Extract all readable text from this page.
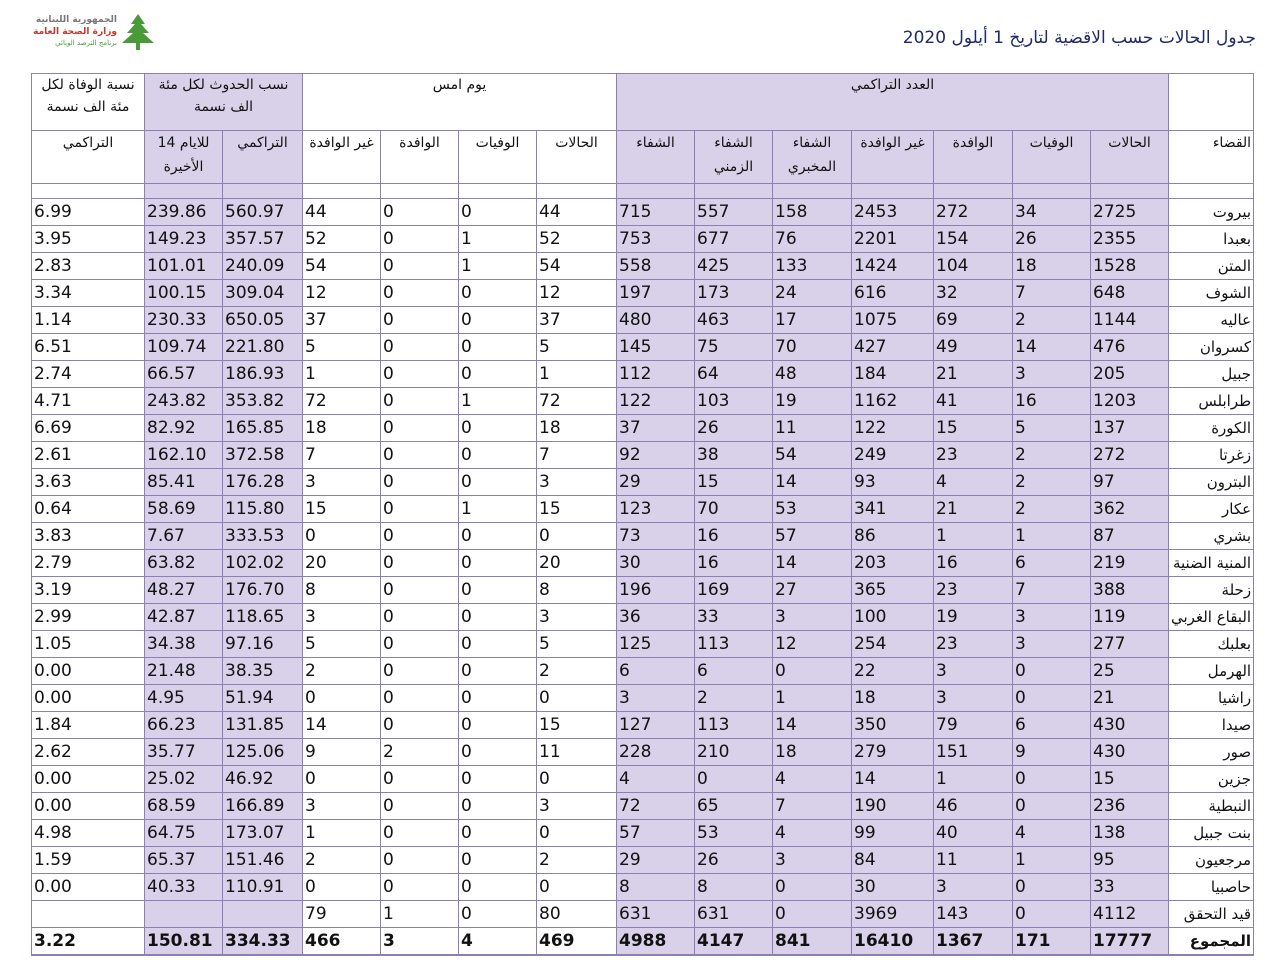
الجمهورية اللبنانية
وزارة الصحة العامة
برنامج الترصد الوبائي	جدول الحالات حسب الاقضية لتاريخ 1 أيلول 2020
	العدد التراكمي							يوم امس				نسب الحدوث لكل مئة الف نسمة		نسبة الوفاة لكل مئة الف نسمة
القضاء	الحالات	الوفيات	الوافدة	غير الوافدة	الشفاء المخبري	الشفاء الزمني	الشفاء	الحالات	الوفيات	الوافدة	غير الوافدة	التراكمي	للايام 14 الأخيرة	التراكمي

بيروت	2725	34	272	2453	158	557	715	44	0	0	44	560.97	239.86	6.99
بعبدا	2355	26	154	2201	76	677	753	52	1	0	52	357.57	149.23	3.95
المتن	1528	18	104	1424	133	425	558	54	1	0	54	240.09	101.01	2.83
الشوف	648	7	32	616	24	173	197	12	0	0	12	309.04	100.15	3.34
عاليه	1144	2	69	1075	17	463	480	37	0	0	37	650.05	230.33	1.14
كسروان	476	14	49	427	70	75	145	5	0	0	5	221.80	109.74	6.51
جبيل	205	3	21	184	48	64	112	1	0	0	1	186.93	66.57	2.74
طرابلس	1203	16	41	1162	19	103	122	72	1	0	72	353.82	243.82	4.71
الكورة	137	5	15	122	11	26	37	18	0	0	18	165.85	82.92	6.69
زغرتا	272	2	23	249	54	38	92	7	0	0	7	372.58	162.10	2.61
البترون	97	2	4	93	14	15	29	3	0	0	3	176.28	85.41	3.63
عكار	362	2	21	341	53	70	123	15	1	0	15	115.80	58.69	0.64
بشري	87	1	1	86	57	16	73	0	0	0	0	333.53	7.67	3.83
المنية الضنية	219	6	16	203	14	16	30	20	0	0	20	102.02	63.82	2.79
زحلة	388	7	23	365	27	169	196	8	0	0	8	176.70	48.27	3.19
البقاع الغربي	119	3	19	100	3	33	36	3	0	0	3	118.65	42.87	2.99
بعلبك	277	3	23	254	12	113	125	5	0	0	5	97.16	34.38	1.05
الهرمل	25	0	3	22	0	6	6	2	0	0	2	38.35	21.48	0.00
راشيا	21	0	3	18	1	2	3	0	0	0	0	51.94	4.95	0.00
صيدا	430	6	79	350	14	113	127	15	0	0	14	131.85	66.23	1.84
صور	430	9	151	279	18	210	228	11	0	2	9	125.06	35.77	2.62
جزين	15	0	1	14	4	0	4	0	0	0	0	46.92	25.02	0.00
النبطية	236	0	46	190	7	65	72	3	0	0	3	166.89	68.59	0.00
بنت جبيل	138	4	40	99	4	53	57	0	0	0	1	173.07	64.75	4.98
مرجعيون	95	1	11	84	3	26	29	2	0	0	2	151.46	65.37	1.59
حاصبيا	33	0	3	30	0	8	8	0	0	0	0	110.91	40.33	0.00
قيد التحقق	4112	0	143	3969	0	631	631	80	0	1	79			
المجموع	17777	171	1367	16410	841	4147	4988	469	4	3	466	334.33	150.81	3.22
